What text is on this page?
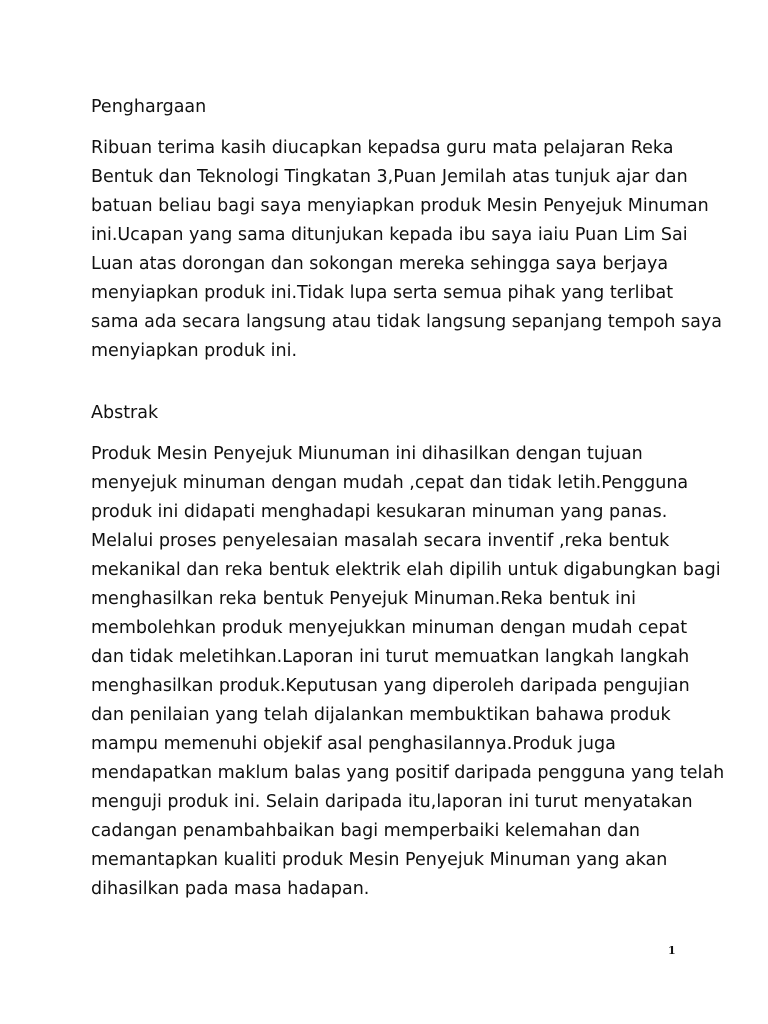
Penghargaan
Ribuan terima kasih diucapkan kepadsa guru mata pelajaran Reka
Bentuk dan Teknologi Tingkatan 3,Puan Jemilah atas tunjuk ajar dan
batuan beliau bagi saya menyiapkan produk Mesin Penyejuk Minuman
ini.Ucapan yang sama ditunjukan kepada ibu saya iaiu Puan Lim Sai
Luan atas dorongan dan sokongan mereka sehingga saya berjaya
menyiapkan produk ini.Tidak lupa serta semua pihak yang terlibat
sama ada secara langsung atau tidak langsung sepanjang tempoh saya
menyiapkan produk ini.
Abstrak
Produk Mesin Penyejuk Miunuman ini dihasilkan dengan tujuan
menyejuk minuman dengan mudah ,cepat dan tidak letih.Pengguna
produk ini didapati menghadapi kesukaran minuman yang panas.
Melalui proses penyelesaian masalah secara inventif ,reka bentuk
mekanikal dan reka bentuk elektrik elah dipilih untuk digabungkan bagi
menghasilkan reka bentuk Penyejuk Minuman.Reka bentuk ini
membolehkan produk menyejukkan minuman dengan mudah cepat
dan tidak meletihkan.Laporan ini turut memuatkan langkah langkah
menghasilkan produk.Keputusan yang diperoleh daripada pengujian
dan penilaian yang telah dijalankan membuktikan bahawa produk
mampu memenuhi objekif asal penghasilannya.Produk juga
mendapatkan maklum balas yang positif daripada pengguna yang telah
menguji produk ini. Selain daripada itu,laporan ini turut menyatakan
cadangan penambahbaikan bagi memperbaiki kelemahan dan
memantapkan kualiti produk Mesin Penyejuk Minuman yang akan
dihasilkan pada masa hadapan.
1
